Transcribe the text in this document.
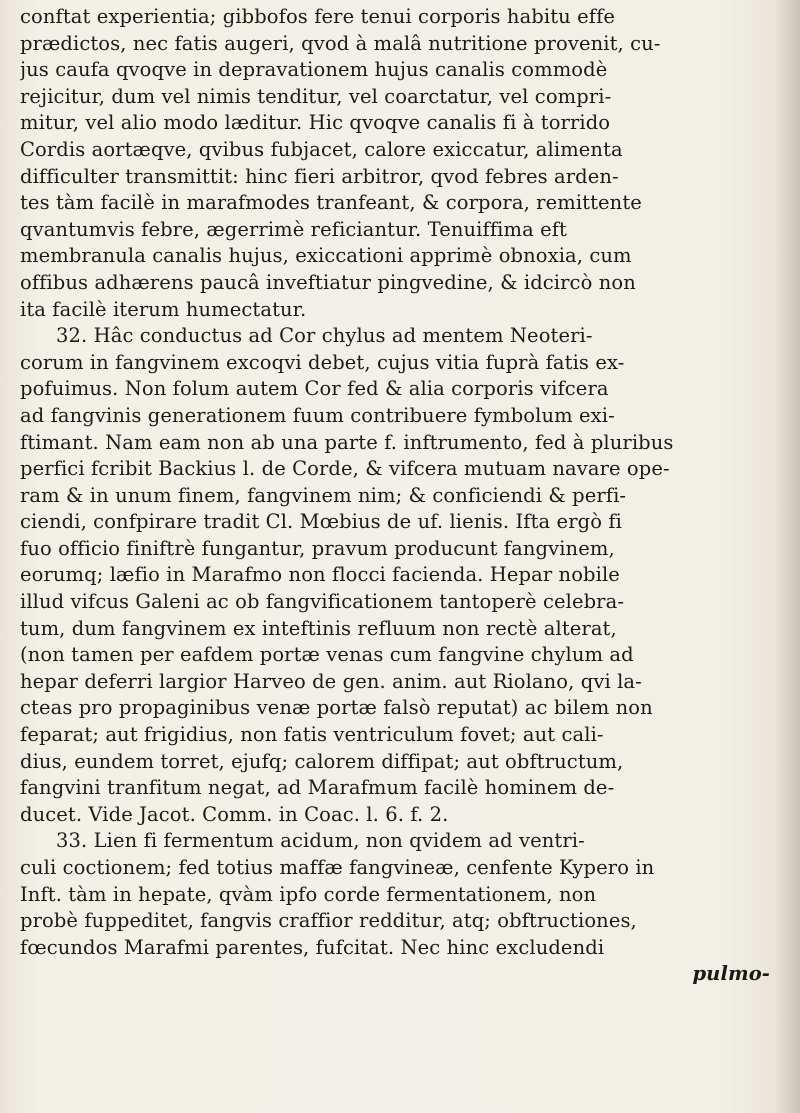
conftat experientia; gibbofos fere tenui corporis habitu effe
prædictos, nec fatis augeri, qvod à malâ nutritione provenit, cu-
jus caufa qvoqve in depravationem hujus canalis commodè
rejicitur, dum vel nimis tenditur, vel coarctatur, vel compri-
mitur, vel alio modo læditur. Hic qvoqve canalis fi à torrido
Cordis aortæqve, qvibus fubjacet, calore exiccatur, alimenta
difficulter transmittit: hinc fieri arbitror, qvod febres arden-
tes tàm facilè in marafmodes tranfeant, & corpora, remittente
qvantumvis febre, ægerrimè reficiantur. Tenuiffima eft
membranula canalis hujus, exiccationi apprimè obnoxia, cum
offibus adhærens paucâ inveftiatur pingvedine, & idcircò non
ita facilè iterum humectatur.
32. Hâc conductus ad Cor chylus ad mentem Neoteri-
corum in fangvinem excoqvi debet, cujus vitia fuprà fatis ex-
pofuimus. Non folum autem Cor fed & alia corporis vifcera
ad fangvinis generationem fuum contribuere fymbolum exi-
ftimant. Nam eam non ab una parte f. inftrumento, fed à pluribus
perfici fcribit Backius l. de Corde, & vifcera mutuam navare ope-
ram & in unum finem, fangvinem nim; & conficiendi & perfi-
ciendi, confpirare tradit Cl. Mœbius de uf. lienis. Ifta ergò fi
fuo officio finiftrè fungantur, pravum producunt fangvinem,
eorumq; læfio in Marafmo non flocci facienda. Hepar nobile
illud vifcus Galeni ac ob fangvificationem tantoperè celebra-
tum, dum fangvinem ex inteftinis refluum non rectè alterat,
(non tamen per eafdem portæ venas cum fangvine chylum ad
hepar deferri largior Harveo de gen. anim. aut Riolano, qvi la-
cteas pro propaginibus venæ portæ falsò reputat) ac bilem non
feparat; aut frigidius, non fatis ventriculum fovet; aut cali-
dius, eundem torret, ejufq; calorem diffipat; aut obftructum,
fangvini tranfitum negat, ad Marafmum facilè hominem de-
ducet. Vide Jacot. Comm. in Coac. l. 6. f. 2.
33. Lien fi fermentum acidum, non qvidem ad ventri-
culi coctionem; fed totius maffæ fangvineæ, cenfente Kypero in
Inft. tàm in hepate, qvàm ipfo corde fermentationem, non
probè fuppeditet, fangvis craffior redditur, atq; obftructiones,
fœcundos Marafmi parentes, fufcitat. Nec hinc excludendi
pulmo-
